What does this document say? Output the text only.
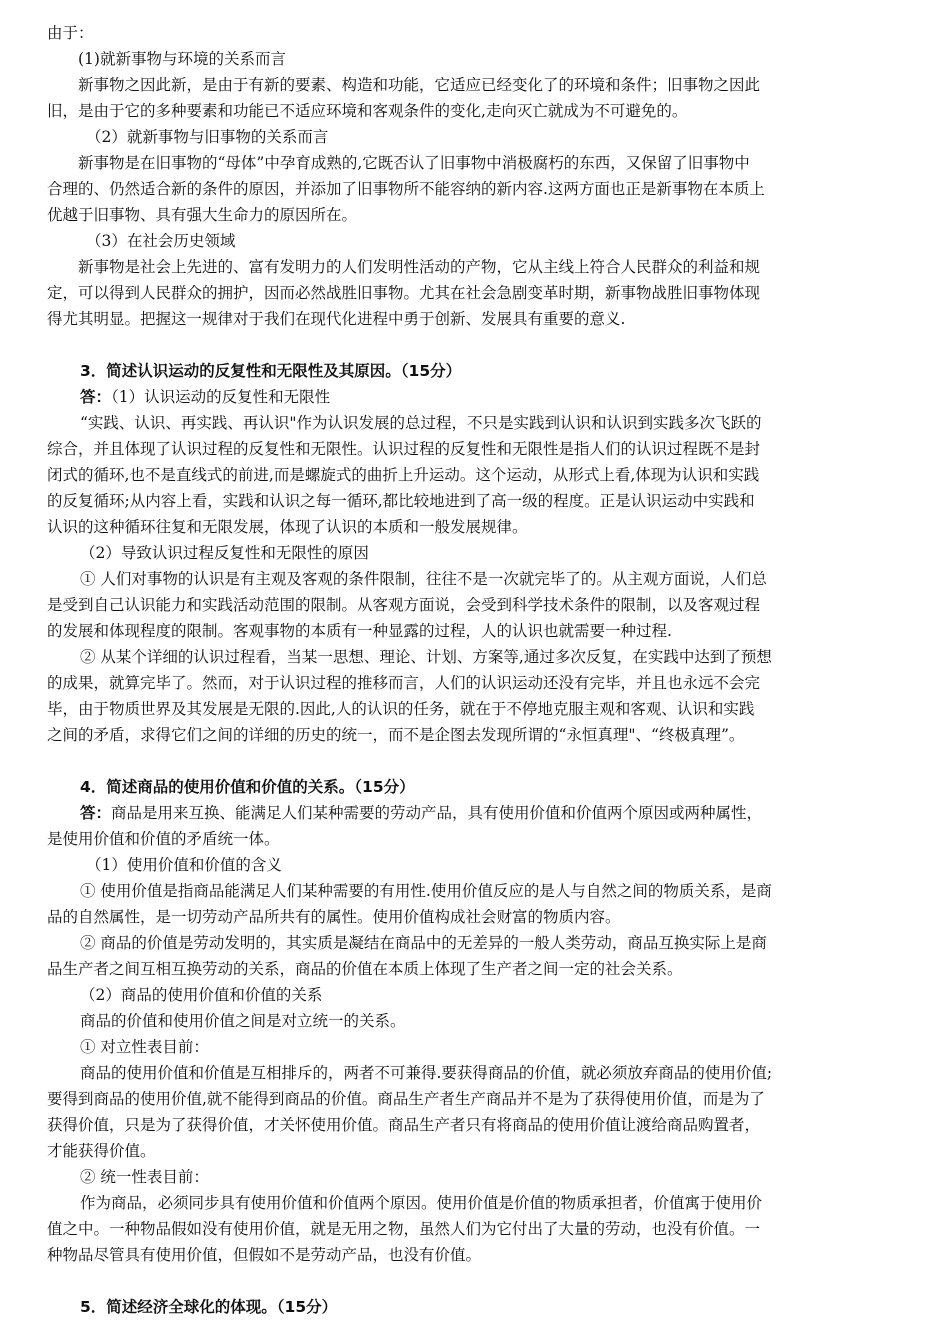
由于：
(1)就新事物与环境的关系而言
新事物之因此新，是由于有新的要素、构造和功能，它适应已经变化了的环境和条件；旧事物之因此
旧，是由于它的多种要素和功能已不适应环境和客观条件的变化,走向灭亡就成为不可避免的。
（2）就新事物与旧事物的关系而言
新事物是在旧事物的“母体”中孕育成熟的,它既否认了旧事物中消极腐朽的东西，又保留了旧事物中
合理的、仍然适合新的条件的原因，并添加了旧事物所不能容纳的新内容.这两方面也正是新事物在本质上
优越于旧事物、具有强大生命力的原因所在。
（3）在社会历史领域
新事物是社会上先进的、富有发明力的人们发明性活动的产物，它从主线上符合人民群众的利益和规
定，可以得到人民群众的拥护，因而必然战胜旧事物。尤其在社会急剧变革时期，新事物战胜旧事物体现
得尤其明显。把握这一规律对于我们在现代化进程中勇于创新、发展具有重要的意义.
3．简述认识运动的反复性和无限性及其原因。（15分）
答：（1）认识运动的反复性和无限性
“实践、认识、再实践、再认识"作为认识发展的总过程，不只是实践到认识和认识到实践多次飞跃的
综合，并且体现了认识过程的反复性和无限性。认识过程的反复性和无限性是指人们的认识过程既不是封
闭式的循环,也不是直线式的前进,而是螺旋式的曲折上升运动。这个运动，从形式上看,体现为认识和实践
的反复循环;从内容上看，实践和认识之每一循环,都比较地进到了高一级的程度。正是认识运动中实践和
认识的这种循环往复和无限发展，体现了认识的本质和一般发展规律。
（2）导致认识过程反复性和无限性的原因
① 人们对事物的认识是有主观及客观的条件限制，往往不是一次就完毕了的。从主观方面说，人们总
是受到自己认识能力和实践活动范围的限制。从客观方面说，会受到科学技术条件的限制，以及客观过程
的发展和体现程度的限制。客观事物的本质有一种显露的过程，人的认识也就需要一种过程.
② 从某个详细的认识过程看，当某一思想、理论、计划、方案等,通过多次反复，在实践中达到了预想
的成果，就算完毕了。然而，对于认识过程的推移而言，人们的认识运动还没有完毕，并且也永远不会完
毕，由于物质世界及其发展是无限的.因此,人的认识的任务，就在于不停地克服主观和客观、认识和实践
之间的矛盾，求得它们之间的详细的历史的统一，而不是企图去发现所谓的“永恒真理"、“终极真理”。
4．简述商品的使用价值和价值的关系。（15分）
答：商品是用来互换、能满足人们某种需要的劳动产品，具有使用价值和价值两个原因或两种属性，
是使用价值和价值的矛盾统一体。
（1）使用价值和价值的含义
① 使用价值是指商品能满足人们某种需要的有用性.使用价值反应的是人与自然之间的物质关系，是商
品的自然属性，是一切劳动产品所共有的属性。使用价值构成社会财富的物质内容。
② 商品的价值是劳动发明的，其实质是凝结在商品中的无差异的一般人类劳动，商品互换实际上是商
品生产者之间互相互换劳动的关系，商品的价值在本质上体现了生产者之间一定的社会关系。
（2）商品的使用价值和价值的关系
商品的价值和使用价值之间是对立统一的关系。
① 对立性表目前：
商品的使用价值和价值是互相排斥的，两者不可兼得.要获得商品的价值，就必须放弃商品的使用价值;
要得到商品的使用价值,就不能得到商品的价值。商品生产者生产商品并不是为了获得使用价值，而是为了
获得价值，只是为了获得价值，才关怀使用价值。商品生产者只有将商品的使用价值让渡给商品购置者，
才能获得价值。
② 统一性表目前：
作为商品，必须同步具有使用价值和价值两个原因。使用价值是价值的物质承担者，价值寓于使用价
值之中。一种物品假如没有使用价值，就是无用之物，虽然人们为它付出了大量的劳动，也没有价值。一
种物品尽管具有使用价值，但假如不是劳动产品，也没有价值。
5．简述经济全球化的体现。（15分）
